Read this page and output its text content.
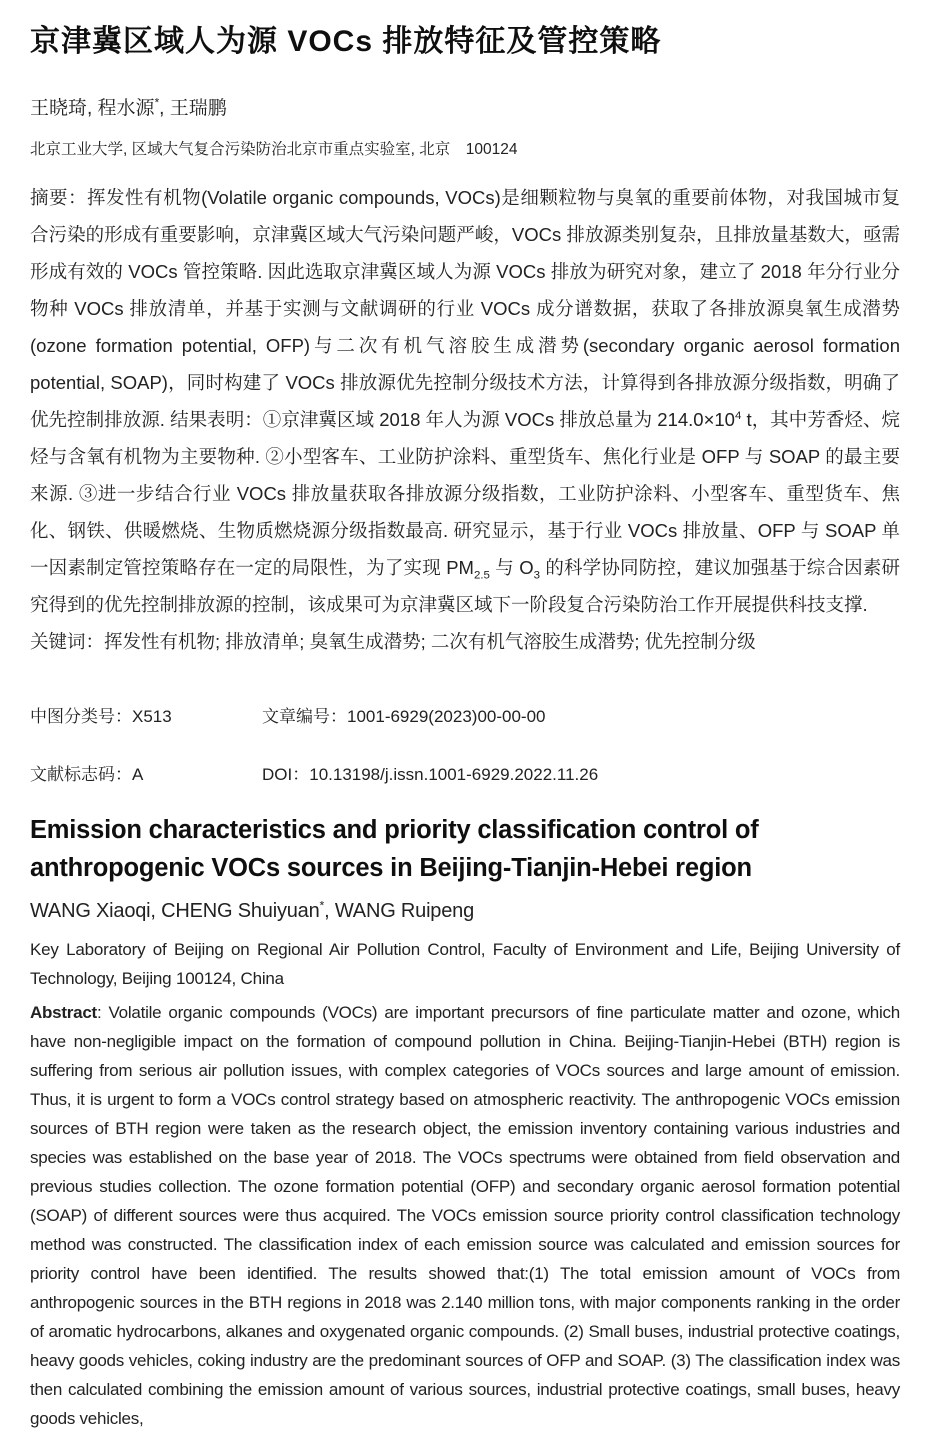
京津冀区域人为源 VOCs 排放特征及管控策略

王晓琦, 程水源*, 王瑞鹏

北京工业大学, 区域大气复合污染防治北京市重点实验室, 北京　100124

摘要：挥发性有机物(Volatile organic compounds, VOCs)是细颗粒物与臭氧的重要前体物，对我国城市复合污染的形成有重要影响，京津冀区域大气污染问题严峻，VOCs 排放源类别复杂，且排放量基数大，亟需形成有效的 VOCs 管控策略. 因此选取京津冀区域人为源 VOCs 排放为研究对象，建立了 2018 年分行业分物种 VOCs 排放清单，并基于实测与文献调研的行业 VOCs 成分谱数据，获取了各排放源臭氧生成潜势(ozone formation potential, OFP)与二次有机气溶胶生成潜势(secondary organic aerosol formation potential, SOAP)，同时构建了 VOCs 排放源优先控制分级技术方法，计算得到各排放源分级指数，明确了优先控制排放源. 结果表明：①京津冀区域 2018 年人为源 VOCs 排放总量为 $214.0\times 10^4$ t，其中芳香烃、烷烃与含氧有机物为主要物种. ②小型客车、工业防护涂料、重型货车、焦化行业是 OFP 与 SOAP 的最主要来源. ③进一步结合行业 VOCs 排放量获取各排放源分级指数，工业防护涂料、小型客车、重型货车、焦化、钢铁、供暖燃烧、生物质燃烧源分级指数最高. 研究显示，基于行业 VOCs 排放量、OFP 与 SOAP 单一因素制定管控策略存在一定的局限性，为了实现 $PM_{2.5}$ 与 $O_3$ 的科学协同防控，建议加强基于综合因素研究得到的优先控制排放源的控制，该成果可为京津冀区域下一阶段复合污染防治工作开展提供科技支撑.

关键词：挥发性有机物; 排放清单; 臭氧生成潜势; 二次有机气溶胶生成潜势; 优先控制分级

中图分类号：X513	文章编号：1001-6929(2023)00-00-00
文献标志码：A	DOI：10.13198/j.issn.1001-6929.2022.11.26
Emission characteristics and priority classification control of anthropogenic VOCs sources in Beijing-Tianjin-Hebei region

WANG Xiaoqi, CHENG Shuiyuan*, WANG Ruipeng

Key Laboratory of Beijing on Regional Air Pollution Control, Faculty of Environment and Life, Beijing University of Technology, Beijing 100124, China

Abstract: Volatile organic compounds (VOCs) are important precursors of fine particulate matter and ozone, which have non-negligible impact on the formation of compound pollution in China. Beijing-Tianjin-Hebei (BTH) region is suffering from serious air pollution issues, with complex categories of VOCs sources and large amount of emission. Thus, it is urgent to form a VOCs control strategy based on atmospheric reactivity. The anthropogenic VOCs emission sources of BTH region were taken as the research object, the emission inventory containing various industries and species was established on the base year of 2018. The VOCs spectrums were obtained from field observation and previous studies collection. The ozone formation potential (OFP) and secondary organic aerosol formation potential (SOAP) of different sources were thus acquired. The VOCs emission source priority control classification technology method was constructed. The classification index of each emission source was calculated and emission sources for priority control have been identified. The results showed that:(1) The total emission amount of VOCs from anthropogenic sources in the BTH regions in 2018 was 2.140 million tons, with major components ranking in the order of aromatic hydrocarbons, alkanes and oxygenated organic compounds. (2) Small buses, industrial protective coatings, heavy goods vehicles, coking industry are the predominant sources of OFP and SOAP. (3) The classification index was then calculated combining the emission amount of various sources, industrial protective coatings, small buses, heavy goods vehicles,
